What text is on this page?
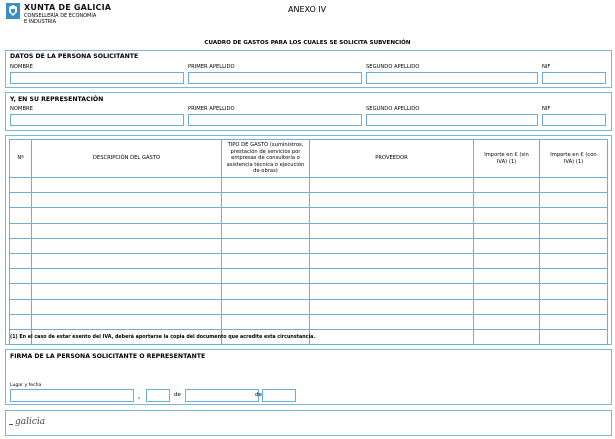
XUNTA DE GALICIA
CONSELLERÍA DE ECONOMÍA
E INDUSTRIA
ANEXO IV
CUADRO DE GASTOS PARA LOS CUALES SE SOLICITA SUBVENCIÓN
DATOS DE LA PERSONA SOLICITANTE
NOMBRE	PRIMER APELLIDO	SEGUNDO APELLIDO	NIF
Y, EN SU REPRESENTACIÓN
NOMBRE	PRIMER APELLIDO	SEGUNDO APELLIDO	NIF
Nº	DESCRIPCIÓN DEL GASTO	TIPO DE GASTO (suministros, prestación de servicios por empresas de consultoría o asistencia técnica o ejecución de obras)	PROVEEDOR	Importe en € (sin IVA) (1)	Importe en € (con IVA) (1)

(1) En el caso de estar exento del IVA, deberá aportarse la copia del documento que acredite esta circunstancia.
FIRMA DE LA PERSONA SOLICITANTE O REPRESENTANTE
Lugar y fecha
,	de	de
galicia
